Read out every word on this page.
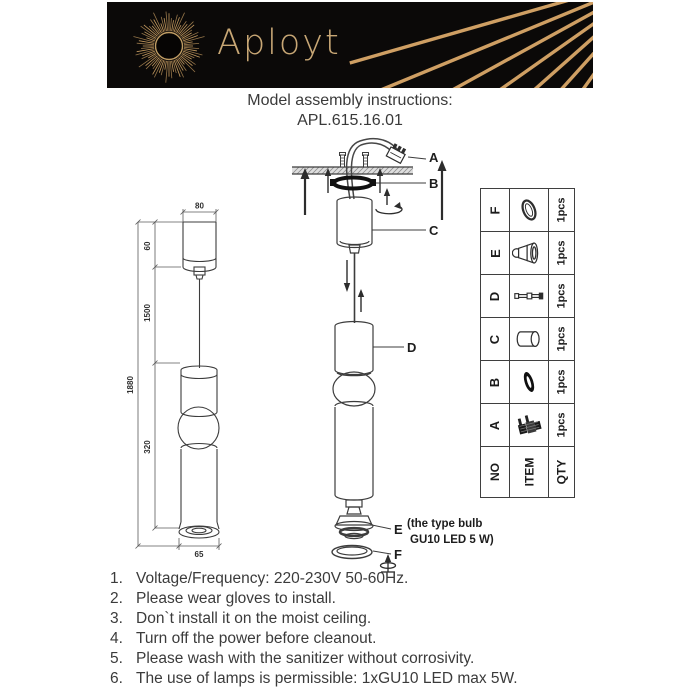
Aployt
Model assembly instructions:
APL.615.16.01
80
60
1500
320
1880
65
A
B
C
D
E
F
(the type bulb
GU10 LED 5 W)
F	1pcs
E	1pcs
D	1pcs
C	1pcs
B	1pcs
A	1pcs
NO ITEM QTY
1. Voltage/Frequency: 220-230V 50-60Hz.
2. Please wear gloves to install.
3. Don`t install it on the moist ceiling.
4. Turn off the power before cleanout.
5. Please wash with the sanitizer without corrosivity.
6. The use of lamps is permissible: 1xGU10 LED max 5W.
